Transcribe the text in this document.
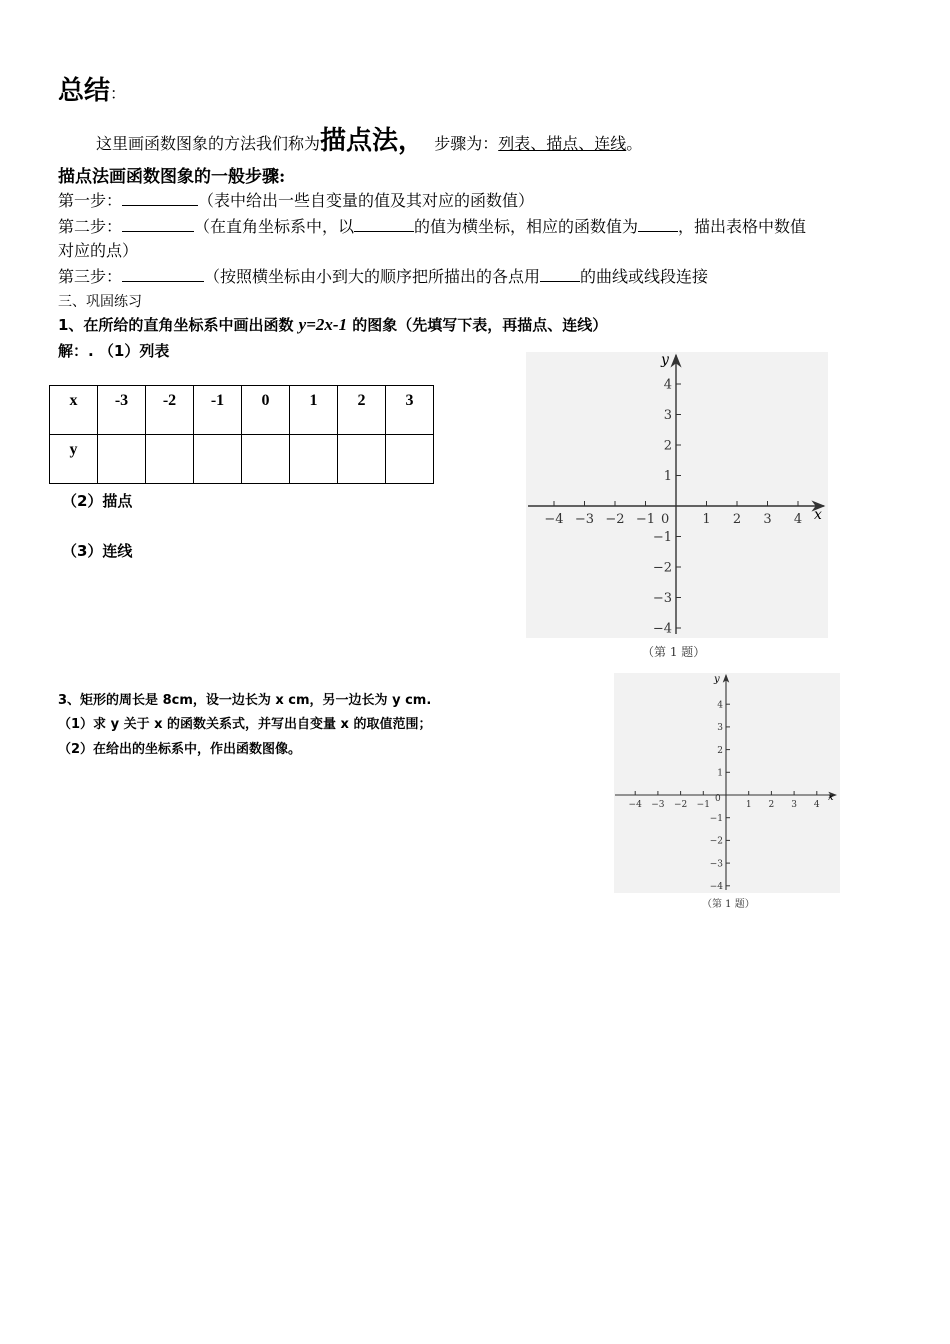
总结：
这里画函数图象的方法我们称为描点法， 步骤为：列表、描点、连线。
描点法画函数图象的一般步骤:
第一步：	（表中给出一些自变量的值及其对应的函数值）
第二步：	（在直角坐标系中，以	的值为横坐标，相应的函数值为	，描出表格中数值
对应的点）
第三步：	（按照横坐标由小到大的顺序把所描出的各点用	的曲线或线段连接
三、巩固练习
1、在所给的直角坐标系中画出函数 y=2x-1 的图象（先填写下表，再描点、连线）
解：. （1）列表
x	-3	-2	-1	0	1	2	3

y							

（2）描点
（3）连线
−4 −3 −2 −1	1 2 3 4
4
3
2
1
−1
−2
−3
−4
x
y
0
（第 1 题）
3、矩形的周长是 8cm，设一边长为 x cm，另一边长为 y cm.
（1）求 y 关于 x 的函数关系式，并写出自变量 x 的取值范围；
（2）在给出的坐标系中，作出函数图像。
−4 −3 −2 −1	1 2 3 4
4
3
2
1
−1
−2
−3
−4
x
y
0
（第 1 题）
